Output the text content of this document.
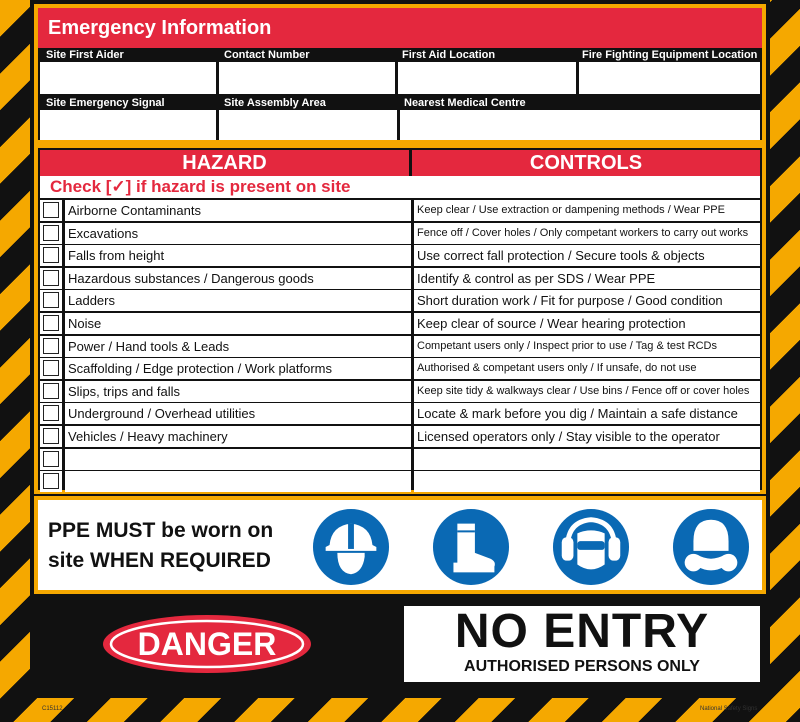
Emergency Information
Site First Aider	Contact Number	First Aid Location	Fire Fighting Equipment Location
Site Emergency Signal	Site Assembly Area	Nearest Medical Centre
HAZARD	CONTROLS
Check [✓] if hazard is present on site
Airborne Contaminants	Keep clear / Use extraction or dampening methods / Wear PPE
Excavations	Fence off / Cover holes / Only competant workers to carry out works
Falls from height	Use correct fall protection / Secure tools & objects
Hazardous substances / Dangerous goods	Identify & control as per SDS / Wear PPE
Ladders	Short duration work / Fit for purpose / Good condition
Noise	Keep clear of source / Wear hearing protection
Power / Hand tools & Leads	Competant users only / Inspect prior to use / Tag & test RCDs
Scaffolding / Edge protection / Work platforms	Authorised & competant users only / If unsafe, do not use
Slips, trips and falls	Keep site tidy & walkways clear / Use bins / Fence off or cover holes
Underground / Overhead utilities	Locate & mark before you dig / Maintain a safe distance
Vehicles / Heavy machinery	Licensed operators only / Stay visible to the operator
PPE MUST be worn on
site WHEN REQUIRED
DANGER	NO ENTRY
AUTHORISED PERSONS ONLY
C15112	National Safety Signs
